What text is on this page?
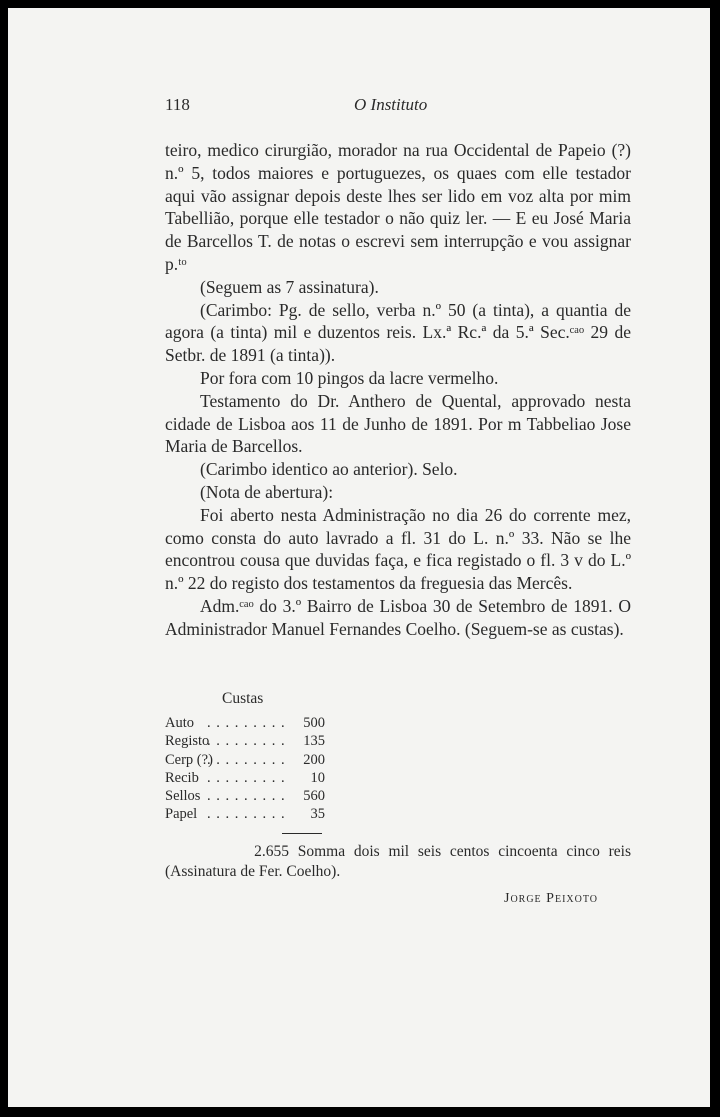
118	O Instituto

teiro, medico cirurgião, morador na rua Occidental de Papeio (?) n.º 5, todos maiores e portuguezes, os quaes com elle testador aqui vão assignar depois deste lhes ser lido em voz alta por mim Tabellião, porque elle testador o não quiz ler. — E eu José Maria de Barcellos T. de notas o escrevi sem interrupção e vou assignar p.ᵗᵒ

(Seguem as 7 assinatura).

(Carimbo: Pg. de sello, verba n.º 50 (a tinta), a quantia de agora (a tinta) mil e duzentos reis. Lx.ª Rc.ª da 5.ª Sec.ᶜᵃᵒ 29 de Setbr. de 1891 (a tinta)).

Por fora com 10 pingos da lacre vermelho.

Testamento do Dr. Anthero de Quental, approvado nesta cidade de Lisboa aos 11 de Junho de 1891. Por m Tabbeliao Jose Maria de Barcellos.

(Carimbo identico ao anterior). Selo.

(Nota de abertura):

Foi aberto nesta Administração no dia 26 do corrente mez, como consta do auto lavrado a fl. 31 do L. n.º 33. Não se lhe encontrou cousa que duvidas faça, e fica registado o fl. 3 v do L.º n.º 22 do registo dos testamentos da freguesia das Mercês.

Adm.ᶜᵃᵒ do 3.º Bairro de Lisboa 30 de Setembro de 1891. O Administrador Manuel Fernandes Coelho. (Seguem-se as custas).

Custas
Auto . . .	500
Registo . . .	135
Cerp (?) . . .	200
Recib . . .	10
Sellos . . .	560
Papel . . .	35
2.655 Somma dois mil seis centos cincoenta cinco reis (Assinatura de Fer. Coelho).
Jorge Peixoto
